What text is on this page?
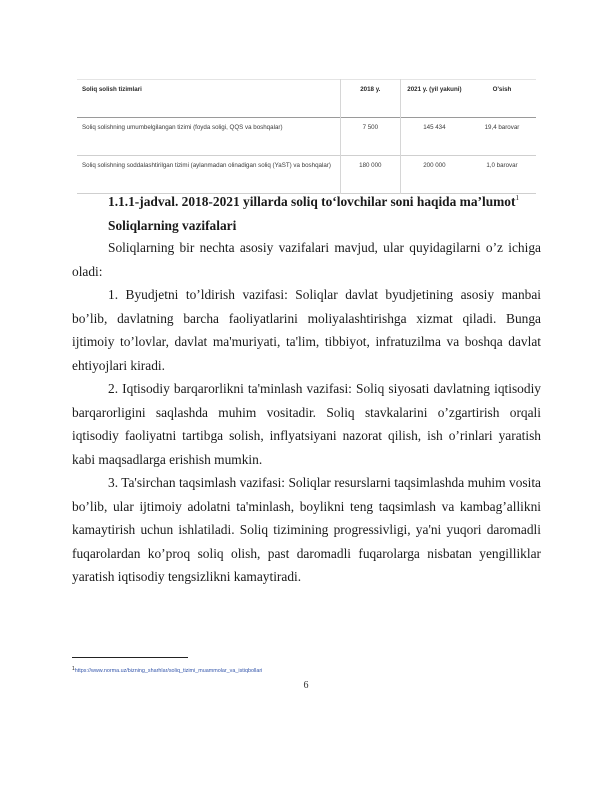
Soliq solish tizimlari	2018 y.	2021 y. (yil yakuni)	O'sish
Soliq solishning umumbelgilangan tizimi (foyda soligi, QQS va boshqalar)	7 500	145 434	19,4 barovar
Soliq solishning soddalashtirilgan tizimi (aylanmadan olinadigan soliq (YaST) va boshqalar)	180 000	200 000	1,0 barovar
1.1.1-jadval. 2018-2021 yillarda soliq to‘lovchilar soni haqida ma’lumot$^1$
Soliqlarning vazifalari

Soliqlarning bir nechta asosiy vazifalari mavjud, ular quyidagilarni o’z ichiga oladi:

1. Byudjetni to’ldirish vazifasi: Soliqlar davlat byudjetining asosiy manbai bo’lib, davlatning barcha faoliyatlarini moliyalashtirishga xizmat qiladi. Bunga ijtimoiy to’lovlar, davlat ma'muriyati, ta'lim, tibbiyot, infratuzilma va boshqa davlat ehtiyojlari kiradi.

2. Iqtisodiy barqarorlikni ta'minlash vazifasi: Soliq siyosati davlatning iqtisodiy barqarorligini saqlashda muhim vositadir. Soliq stavkalarini o’zgartirish orqali iqtisodiy faoliyatni tartibga solish, inflyatsiyani nazorat qilish, ish o’rinlari yaratish kabi maqsadlarga erishish mumkin.

3. Ta'sirchan taqsimlash vazifasi: Soliqlar resurslarni taqsimlashda muhim vosita bo’lib, ular ijtimoiy adolatni ta'minlash, boylikni teng taqsimlash va kambag’allikni kamaytirish uchun ishlatiladi. Soliq tizimining progressivligi, ya'ni yuqori daromadli fuqarolardan ko’proq soliq olish, past daromadli fuqarolarga nisbatan yengilliklar yaratish iqtisodiy tengsizlikni kamaytiradi.

$^1$https://www.norma.uz/bizning_sharhlar/soliq_tizimi_muammolar_va_istiqbollari
6
